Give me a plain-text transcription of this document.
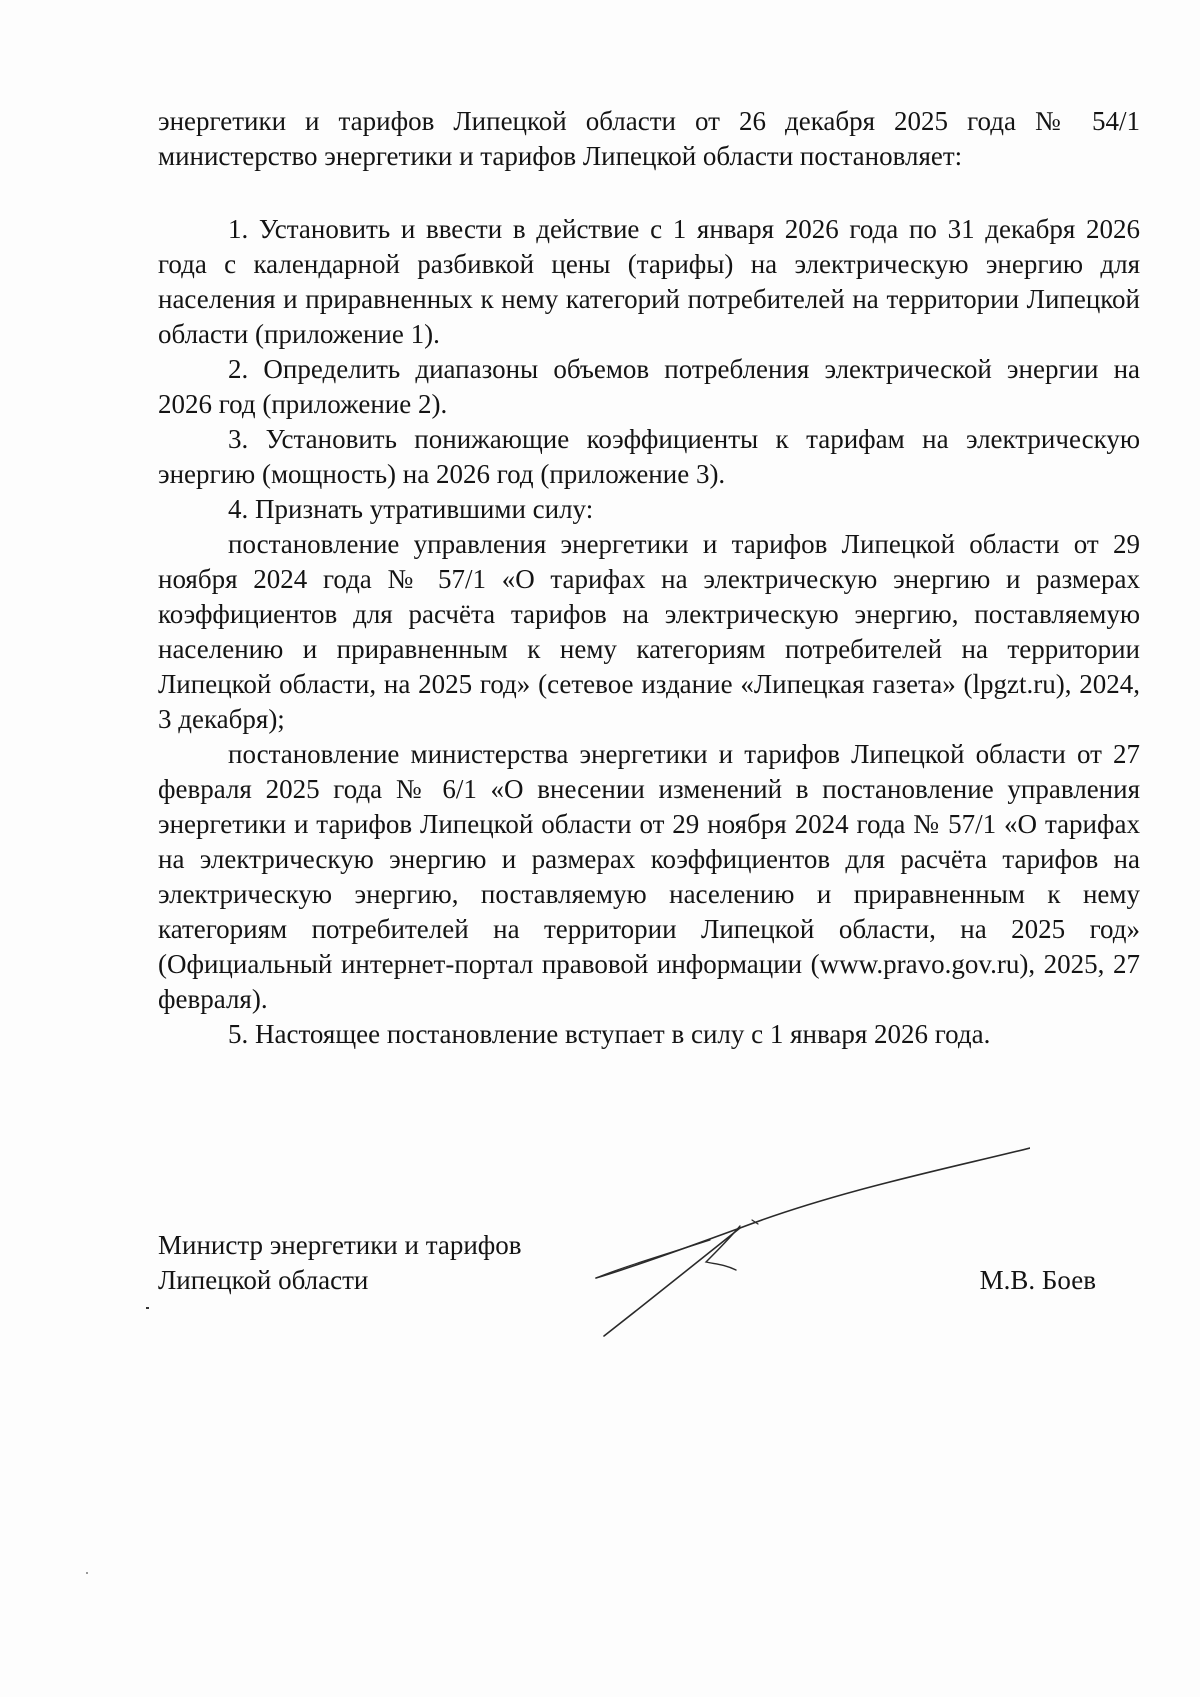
энергетики и тарифов Липецкой области от 26 декабря 2025 года № 54/1 министерство энергетики и тарифов Липецкой области постановляет:

1. Установить и ввести в действие с 1 января 2026 года по 31 декабря 2026 года с календарной разбивкой цены (тарифы) на электрическую энергию для населения и приравненных к нему категорий потребителей на территории Липецкой области (приложение 1).

2. Определить диапазоны объемов потребления электрической энергии на 2026 год (приложение 2).

3. Установить понижающие коэффициенты к тарифам на электрическую энергию (мощность) на 2026 год (приложение 3).

4. Признать утратившими силу:

постановление управления энергетики и тарифов Липецкой области от 29 ноября 2024 года № 57/1 «О тарифах на электрическую энергию и размерах коэффициентов для расчёта тарифов на электрическую энергию, поставляемую населению и приравненным к нему категориям потребителей на территории Липецкой области, на 2025 год» (сетевое издание «Липецкая газета» (lpgzt.ru), 2024, 3 декабря);

постановление министерства энергетики и тарифов Липецкой области от 27 февраля 2025 года № 6/1 «О внесении изменений в постановление управления энергетики и тарифов Липецкой области от 29 ноября 2024 года № 57/1 «О тарифах на электрическую энергию и размерах коэффициентов для расчёта тарифов на электрическую энергию, поставляемую населению и приравненным к нему категориям потребителей на территории Липецкой области, на 2025 год» (Официальный интернет-портал правовой информации (www.pravo.gov.ru), 2025, 27 февраля).

5. Настоящее постановление вступает в силу с 1 января 2026 года.

Министр энергетики и тарифов
Липецкой области	М.В. Боев
